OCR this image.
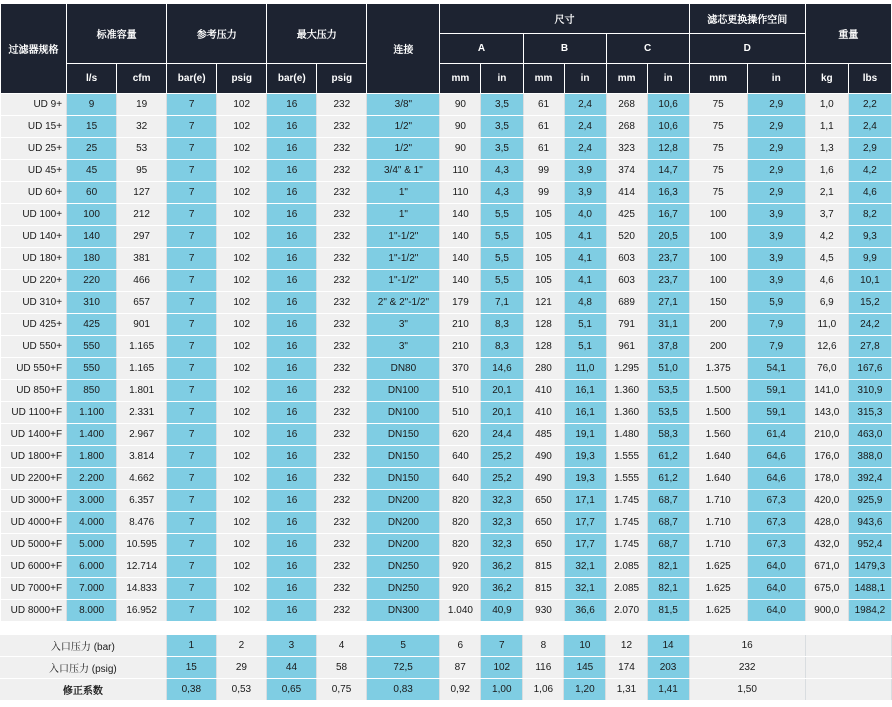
过滤器规格	标准容量		参考压力		最大压力		连接	尺寸						滤芯更换操作空间		重量	
								A		B		C		D			
	l/s	cfm	bar(e)	psig	bar(e)	psig		mm	in	mm	in	mm	in	mm	in	kg	lbs
UD 9+	9	19	7	102	16	232	3/8"	90	3,5	61	2,4	268	10,6	75	2,9	1,0	2,2
UD 15+	15	32	7	102	16	232	1/2"	90	3,5	61	2,4	268	10,6	75	2,9	1,1	2,4
UD 25+	25	53	7	102	16	232	1/2"	90	3,5	61	2,4	323	12,8	75	2,9	1,3	2,9
UD 45+	45	95	7	102	16	232	3/4" & 1"	110	4,3	99	3,9	374	14,7	75	2,9	1,6	4,2
UD 60+	60	127	7	102	16	232	1"	110	4,3	99	3,9	414	16,3	75	2,9	2,1	4,6
UD 100+	100	212	7	102	16	232	1"	140	5,5	105	4,0	425	16,7	100	3,9	3,7	8,2
UD 140+	140	297	7	102	16	232	1"-1/2"	140	5,5	105	4,1	520	20,5	100	3,9	4,2	9,3
UD 180+	180	381	7	102	16	232	1"-1/2"	140	5,5	105	4,1	603	23,7	100	3,9	4,5	9,9
UD 220+	220	466	7	102	16	232	1"-1/2"	140	5,5	105	4,1	603	23,7	100	3,9	4,6	10,1
UD 310+	310	657	7	102	16	232	2" & 2"-1/2"	179	7,1	121	4,8	689	27,1	150	5,9	6,9	15,2
UD 425+	425	901	7	102	16	232	3"	210	8,3	128	5,1	791	31,1	200	7,9	11,0	24,2
UD 550+	550	1.165	7	102	16	232	3"	210	8,3	128	5,1	961	37,8	200	7,9	12,6	27,8
UD 550+F	550	1.165	7	102	16	232	DN80	370	14,6	280	11,0	1.295	51,0	1.375	54,1	76,0	167,6
UD 850+F	850	1.801	7	102	16	232	DN100	510	20,1	410	16,1	1.360	53,5	1.500	59,1	141,0	310,9
UD 1100+F	1.100	2.331	7	102	16	232	DN100	510	20,1	410	16,1	1.360	53,5	1.500	59,1	143,0	315,3
UD 1400+F	1.400	2.967	7	102	16	232	DN150	620	24,4	485	19,1	1.480	58,3	1.560	61,4	210,0	463,0
UD 1800+F	1.800	3.814	7	102	16	232	DN150	640	25,2	490	19,3	1.555	61,2	1.640	64,6	176,0	388,0
UD 2200+F	2.200	4.662	7	102	16	232	DN150	640	25,2	490	19,3	1.555	61,2	1.640	64,6	178,0	392,4
UD 3000+F	3.000	6.357	7	102	16	232	DN200	820	32,3	650	17,1	1.745	68,7	1.710	67,3	420,0	925,9
UD 4000+F	4.000	8.476	7	102	16	232	DN200	820	32,3	650	17,7	1.745	68,7	1.710	67,3	428,0	943,6
UD 5000+F	5.000	10.595	7	102	16	232	DN200	820	32,3	650	17,7	1.745	68,7	1.710	67,3	432,0	952,4
UD 6000+F	6.000	12.714	7	102	16	232	DN250	920	36,2	815	32,1	2.085	82,1	1.625	64,0	671,0	1479,3
UD 7000+F	7.000	14.833	7	102	16	232	DN250	920	36,2	815	32,1	2.085	82,1	1.625	64,0	675,0	1488,1
UD 8000+F	8.000	16.952	7	102	16	232	DN300	1.040	40,9	930	36,6	2.070	81,5	1.625	64,0	900,0	1984,2
入口压力 (bar)	1	2	3	4	5	6	7	8	10	12	14	16	
入口压力 (psig)	15	29	44	58	72,5	87	102	116	145	174	203	232	
修正系数	0,38	0,53	0,65	0,75	0,83	0,92	1,00	1,06	1,20	1,31	1,41	1,50	
